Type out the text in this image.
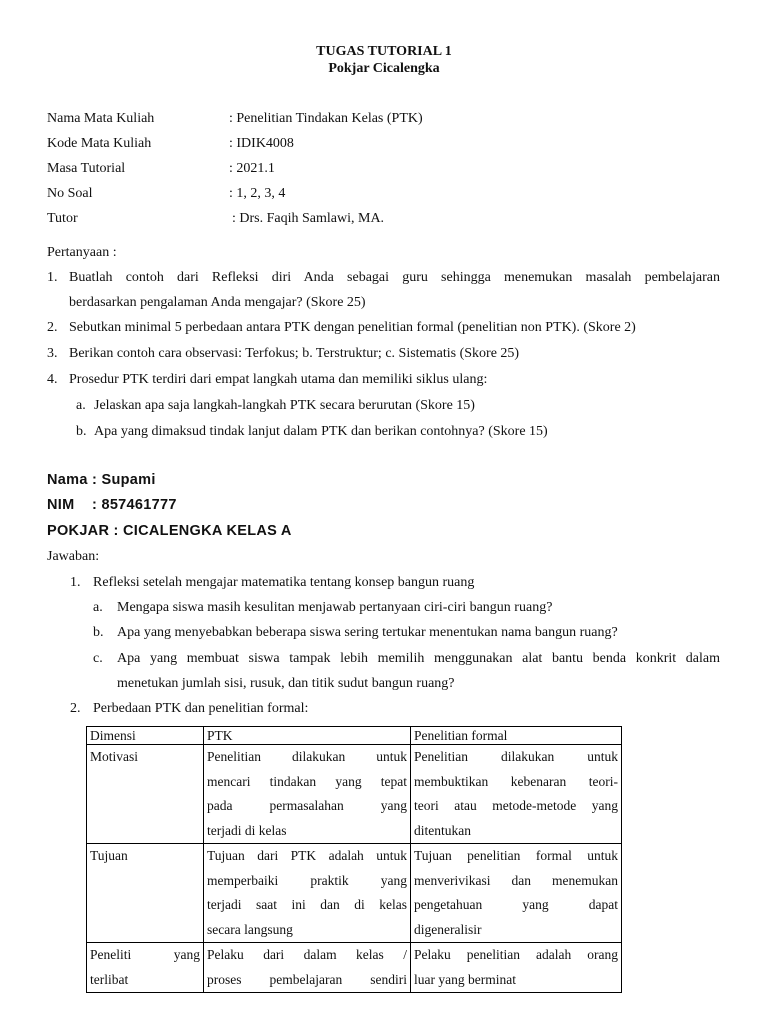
TUGAS TUTORIAL 1
Pokjar Cicalengka
Nama Mata Kuliah	: Penelitian Tindakan Kelas (PTK)
Kode Mata Kuliah	: IDIK4008
Masa Tutorial	: 2021.1
No Soal	: 1, 2, 3, 4
Tutor	: Drs. Faqih Samlawi, MA.
Pertanyaan :
1. Buatlah contoh dari Refleksi diri Anda sebagai guru sehingga menemukan masalah pembelajaran
berdasarkan pengalaman Anda mengajar? (Skore 25)
2. Sebutkan minimal 5 perbedaan antara PTK dengan penelitian formal (penelitian non PTK). (Skore 2)
3. Berikan contoh cara observasi: Terfokus; b. Terstruktur; c. Sistematis (Skore 25)
4. Prosedur PTK terdiri dari empat langkah utama dan memiliki siklus ulang:
a. Jelaskan apa saja langkah-langkah PTK secara berurutan (Skore 15)
b. Apa yang dimaksud tindak lanjut dalam PTK dan berikan contohnya? (Skore 15)
Nama : Supami
NIM : 857461777
POKJAR : CICALENGKA KELAS A
Jawaban:
1. Refleksi setelah mengajar matematika tentang konsep bangun ruang
a. Mengapa siswa masih kesulitan menjawab pertanyaan ciri-ciri bangun ruang?
b. Apa yang menyebabkan beberapa siswa sering tertukar menentukan nama bangun ruang?
c. Apa yang membuat siswa tampak lebih memilih menggunakan alat bantu benda konkrit dalam
menetukan jumlah sisi, rusuk, dan titik sudut bangun ruang?
2. Perbedaan PTK dan penelitian formal:
Dimensi	PTK	Penelitian formal
Motivasi	Penelitian dilakukan untuk
mencari tindakan yang tepat
pada permasalahan yang
terjadi di kelas	Penelitian dilakukan untuk
membuktikan kebenaran teori-
teori atau metode-metode yang
ditentukan

Tujuan	Tujuan dari PTK adalah untuk
memperbaiki praktik yang
terjadi saat ini dan di kelas
secara langsung	Tujuan penelitian formal untuk
menverivikasi dan menemukan
pengetahuan yang dapat
digeneralisir

Peneliti yang
terlibat	Pelaku dari dalam kelas /
proses pembelajaran sendiri	Pelaku penelitian adalah orang
luar yang berminat
